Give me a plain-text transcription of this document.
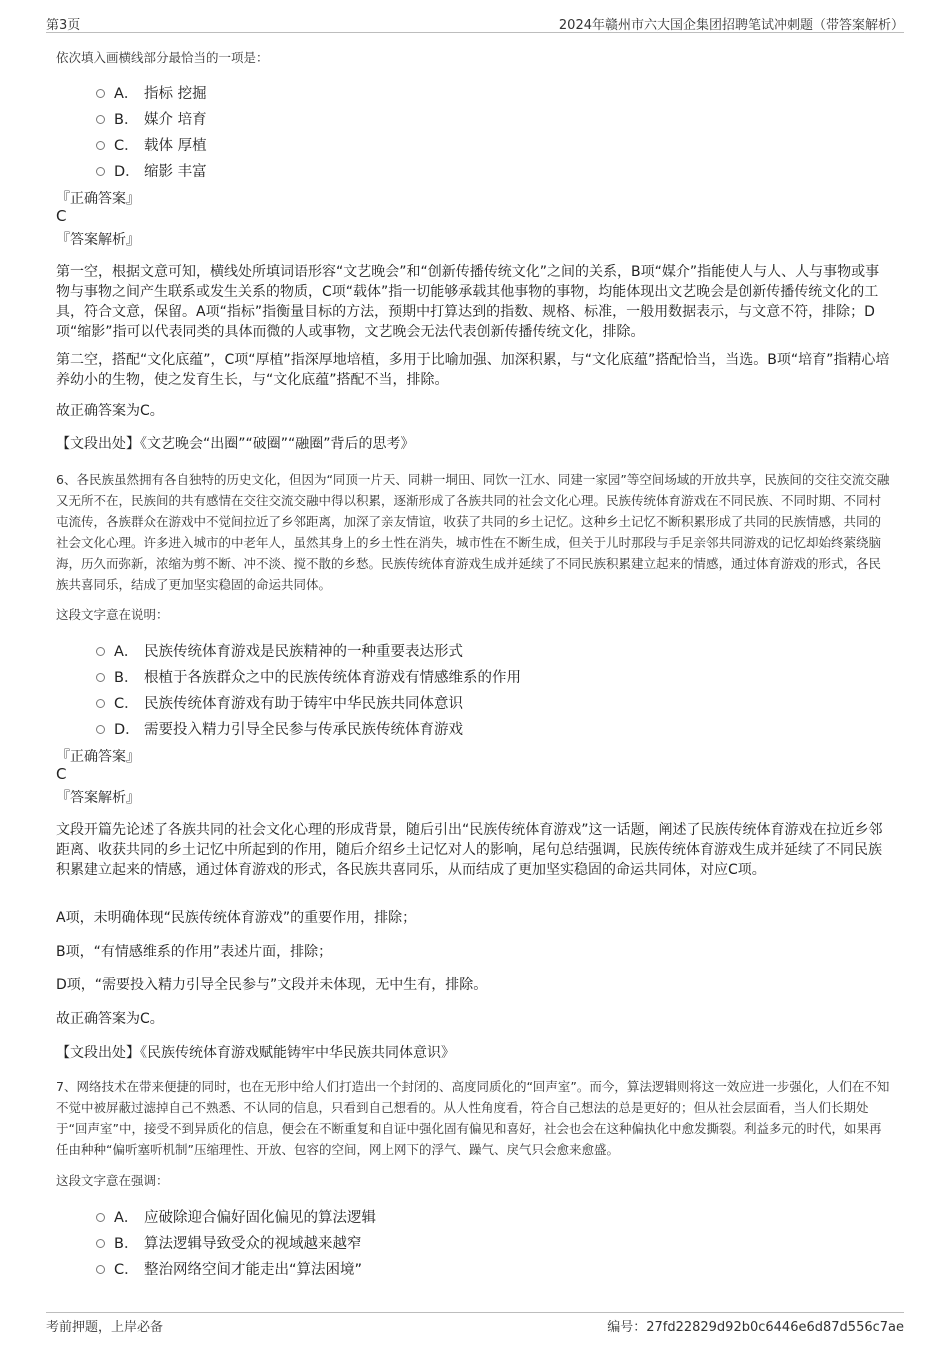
第3页	2024年赣州市六大国企集团招聘笔试冲刺题（带答案解析）
依次填入画横线部分最恰当的一项是：
A． 指标 挖掘
B． 媒介 培育
C． 载体 厚植
D． 缩影 丰富
『正确答案』
C
『答案解析』
第一空，根据文意可知，横线处所填词语形容“文艺晚会”和“创新传播传统文化”之间的关系，B项“媒介”指能使人与人、人与事物或事物与事物之间产生联系或发生关系的物质，C项“载体”指一切能够承载其他事物的事物，均能体现出文艺晚会是创新传播传统文化的工具，符合文意，保留。A项“指标”指衡量目标的方法，预期中打算达到的指数、规格、标准，一般用数据表示，与文意不符，排除；D项“缩影”指可以代表同类的具体而微的人或事物，文艺晚会无法代表创新传播传统文化，排除。
第二空，搭配“文化底蕴”，C项“厚植”指深厚地培植，多用于比喻加强、加深积累，与“文化底蕴”搭配恰当，当选。B项“培育”指精心培养幼小的生物，使之发育生长，与“文化底蕴”搭配不当，排除。
故正确答案为C。
【文段出处】《文艺晚会“出圈”“破圈”“融圈”背后的思考》
6、各民族虽然拥有各自独特的历史文化，但因为“同顶一片天、同耕一垌田、同饮一江水、同建一家园”等空间场域的开放共享，民族间的交往交流交融又无所不在，民族间的共有感情在交往交流交融中得以积累，逐渐形成了各族共同的社会文化心理。民族传统体育游戏在不同民族、不同时期、不同村屯流传，各族群众在游戏中不觉间拉近了乡邻距离，加深了亲友情谊，收获了共同的乡土记忆。这种乡土记忆不断积累形成了共同的民族情感，共同的社会文化心理。许多进入城市的中老年人，虽然其身上的乡土性在消失，城市性在不断生成，但关于儿时那段与手足亲邻共同游戏的记忆却始终萦绕脑海，历久而弥新，浓缩为剪不断、冲不淡、搅不散的乡愁。民族传统体育游戏生成并延续了不同民族积累建立起来的情感，通过体育游戏的形式，各民族共喜同乐，结成了更加坚实稳固的命运共同体。
这段文字意在说明：
A． 民族传统体育游戏是民族精神的一种重要表达形式
B． 根植于各族群众之中的民族传统体育游戏有情感维系的作用
C． 民族传统体育游戏有助于铸牢中华民族共同体意识
D． 需要投入精力引导全民参与传承民族传统体育游戏
『正确答案』
C
『答案解析』
文段开篇先论述了各族共同的社会文化心理的形成背景，随后引出“民族传统体育游戏”这一话题，阐述了民族传统体育游戏在拉近乡邻距离、收获共同的乡土记忆中所起到的作用，随后介绍乡土记忆对人的影响，尾句总结强调，民族传统体育游戏生成并延续了不同民族积累建立起来的情感，通过体育游戏的形式，各民族共喜同乐，从而结成了更加坚实稳固的命运共同体，对应C项。
A项，未明确体现“民族传统体育游戏”的重要作用，排除；
B项，“有情感维系的作用”表述片面，排除；
D项，“需要投入精力引导全民参与”文段并未体现，无中生有，排除。
故正确答案为C。
【文段出处】《民族传统体育游戏赋能铸牢中华民族共同体意识》
7、网络技术在带来便捷的同时，也在无形中给人们打造出一个封闭的、高度同质化的“回声室”。而今，算法逻辑则将这一效应进一步强化，人们在不知不觉中被屏蔽过滤掉自己不熟悉、不认同的信息，只看到自己想看的。从人性角度看，符合自己想法的总是更好的；但从社会层面看，当人们长期处于“回声室”中，接受不到异质化的信息，便会在不断重复和自证中强化固有偏见和喜好，社会也会在这种偏执化中愈发撕裂。利益多元的时代，如果再任由种种“偏听塞听机制”压缩理性、开放、包容的空间，网上网下的浮气、躁气、戾气只会愈来愈盛。
这段文字意在强调：
A． 应破除迎合偏好固化偏见的算法逻辑
B． 算法逻辑导致受众的视域越来越窄
C． 整治网络空间才能走出“算法困境”
考前押题，上岸必备	编号：27fd22829d92b0c6446e6d87d556c7ae
